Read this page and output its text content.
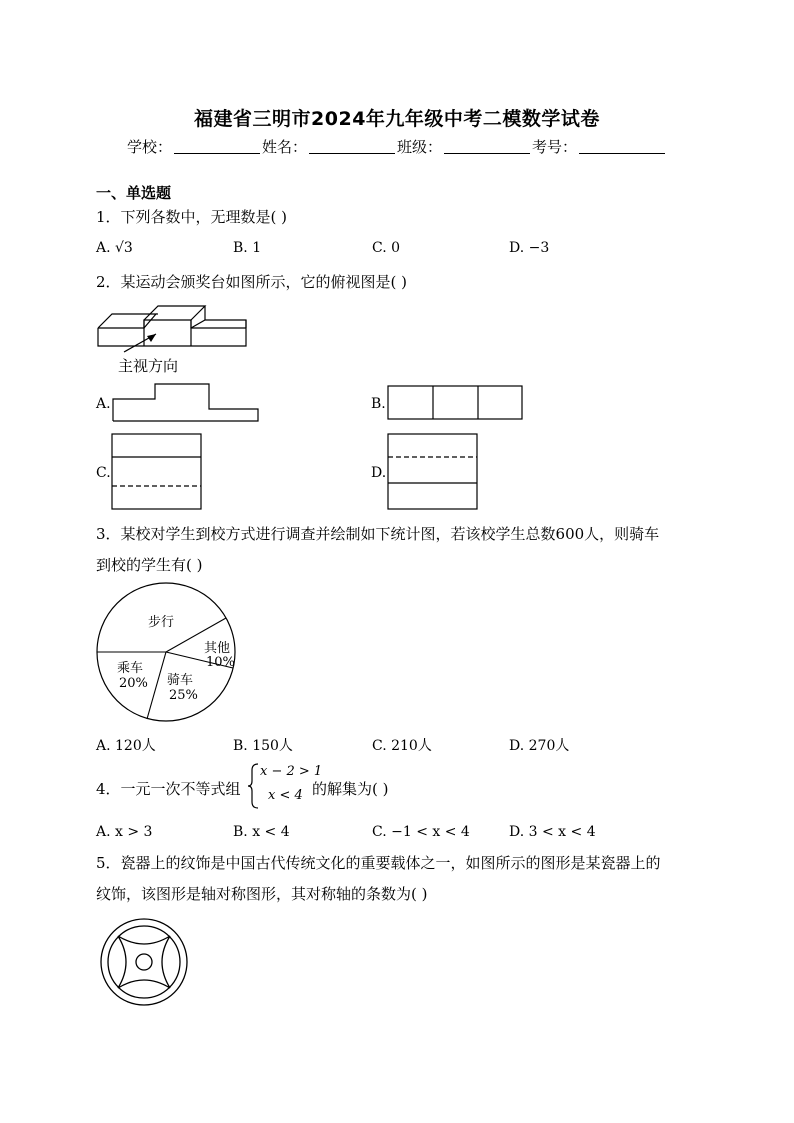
福建省三明市2024年九年级中考二模数学试卷
学校：	姓名：	班级：	考号：
一、单选题
1．下列各数中，无理数是( )
A. √3	B. 1	C. 0	D. −3
2．某运动会颁奖台如图所示，它的俯视图是( )
主视方向
A.	B.
C.	D.
3．某校对学生到校方式进行调查并绘制如下统计图，若该校学生总数600人，则骑车
到校的学生有( )
步行
其他
10%
乘车
20% 骑车
25%
A. 120人	B. 150人	C. 210人	D. 270人
4．一元一次不等式组
x − 2 > 1
x < 4 的解集为( )
A. x > 3	B. x < 4	C. −1 < x < 4	D. 3 < x < 4
5．瓷器上的纹饰是中国古代传统文化的重要载体之一，如图所示的图形是某瓷器上的
纹饰，该图形是轴对称图形，其对称轴的条数为( )
